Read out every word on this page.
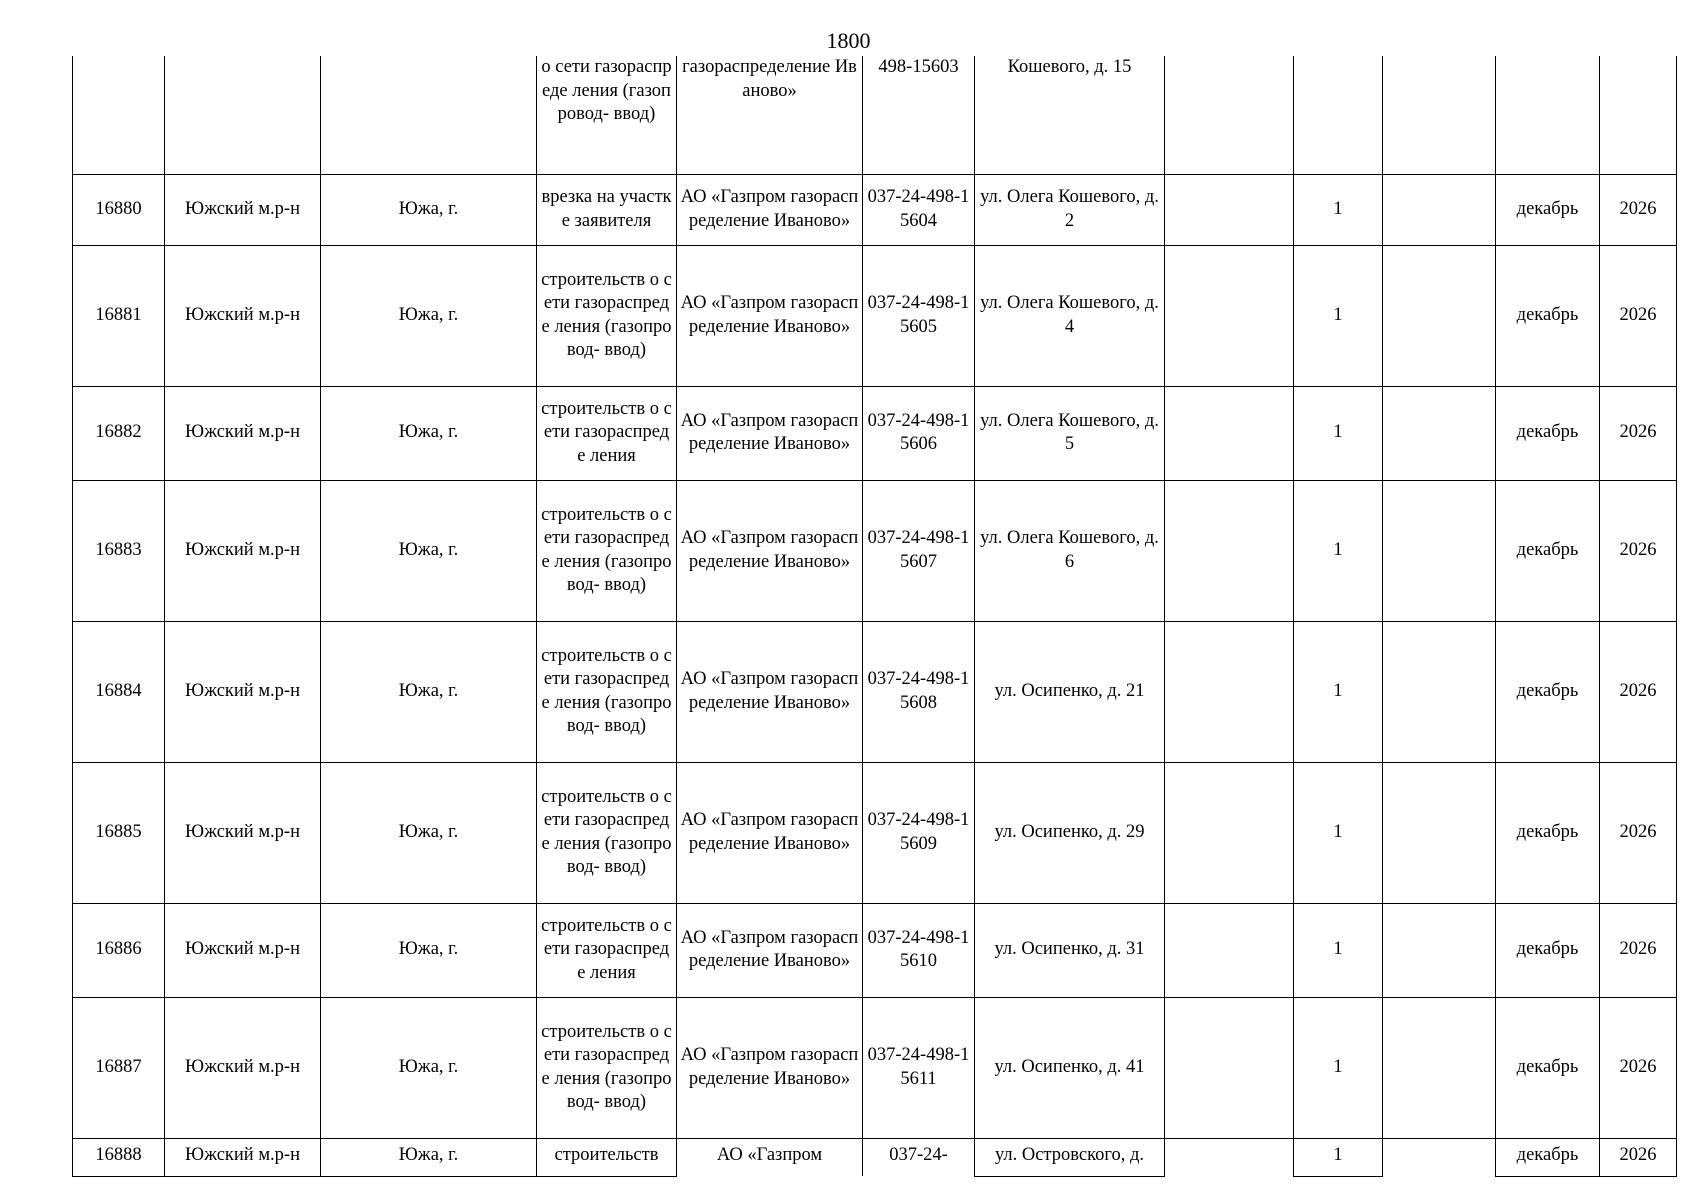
1800
			о сети газораспреде ления (газопровод- ввод)	газораспределение Иваново»	498-15603	Кошевого, д. 15					
16880	Южский м.р-н	Южа, г.	врезка на участке заявителя	АО «Газпром газораспределение Иваново»	037-24-498-15604	ул. Олега Кошевого, д. 2		1		декабрь	2026
16881	Южский м.р-н	Южа, г.	строительств о сети газораспреде ления (газопровод- ввод)	АО «Газпром газораспределение Иваново»	037-24-498-15605	ул. Олега Кошевого, д. 4		1		декабрь	2026
16882	Южский м.р-н	Южа, г.	строительств о сети газораспреде ления	АО «Газпром газораспределение Иваново»	037-24-498-15606	ул. Олега Кошевого, д. 5		1		декабрь	2026
16883	Южский м.р-н	Южа, г.	строительств о сети газораспреде ления (газопровод- ввод)	АО «Газпром газораспределение Иваново»	037-24-498-15607	ул. Олега Кошевого, д. 6		1		декабрь	2026
16884	Южский м.р-н	Южа, г.	строительств о сети газораспреде ления (газопровод- ввод)	АО «Газпром газораспределение Иваново»	037-24-498-15608	ул. Осипенко, д. 21		1		декабрь	2026
16885	Южский м.р-н	Южа, г.	строительств о сети газораспреде ления (газопровод- ввод)	АО «Газпром газораспределение Иваново»	037-24-498-15609	ул. Осипенко, д. 29		1		декабрь	2026
16886	Южский м.р-н	Южа, г.	строительств о сети газораспреде ления	АО «Газпром газораспределение Иваново»	037-24-498-15610	ул. Осипенко, д. 31		1		декабрь	2026
16887	Южский м.р-н	Южа, г.	строительств о сети газораспреде ления (газопровод- ввод)	АО «Газпром газораспределение Иваново»	037-24-498-15611	ул. Осипенко, д. 41		1		декабрь	2026
16888	Южский м.р-н	Южа, г.	строительств	АО «Газпром	037-24-	ул. Островского, д.		1		декабрь	2026
